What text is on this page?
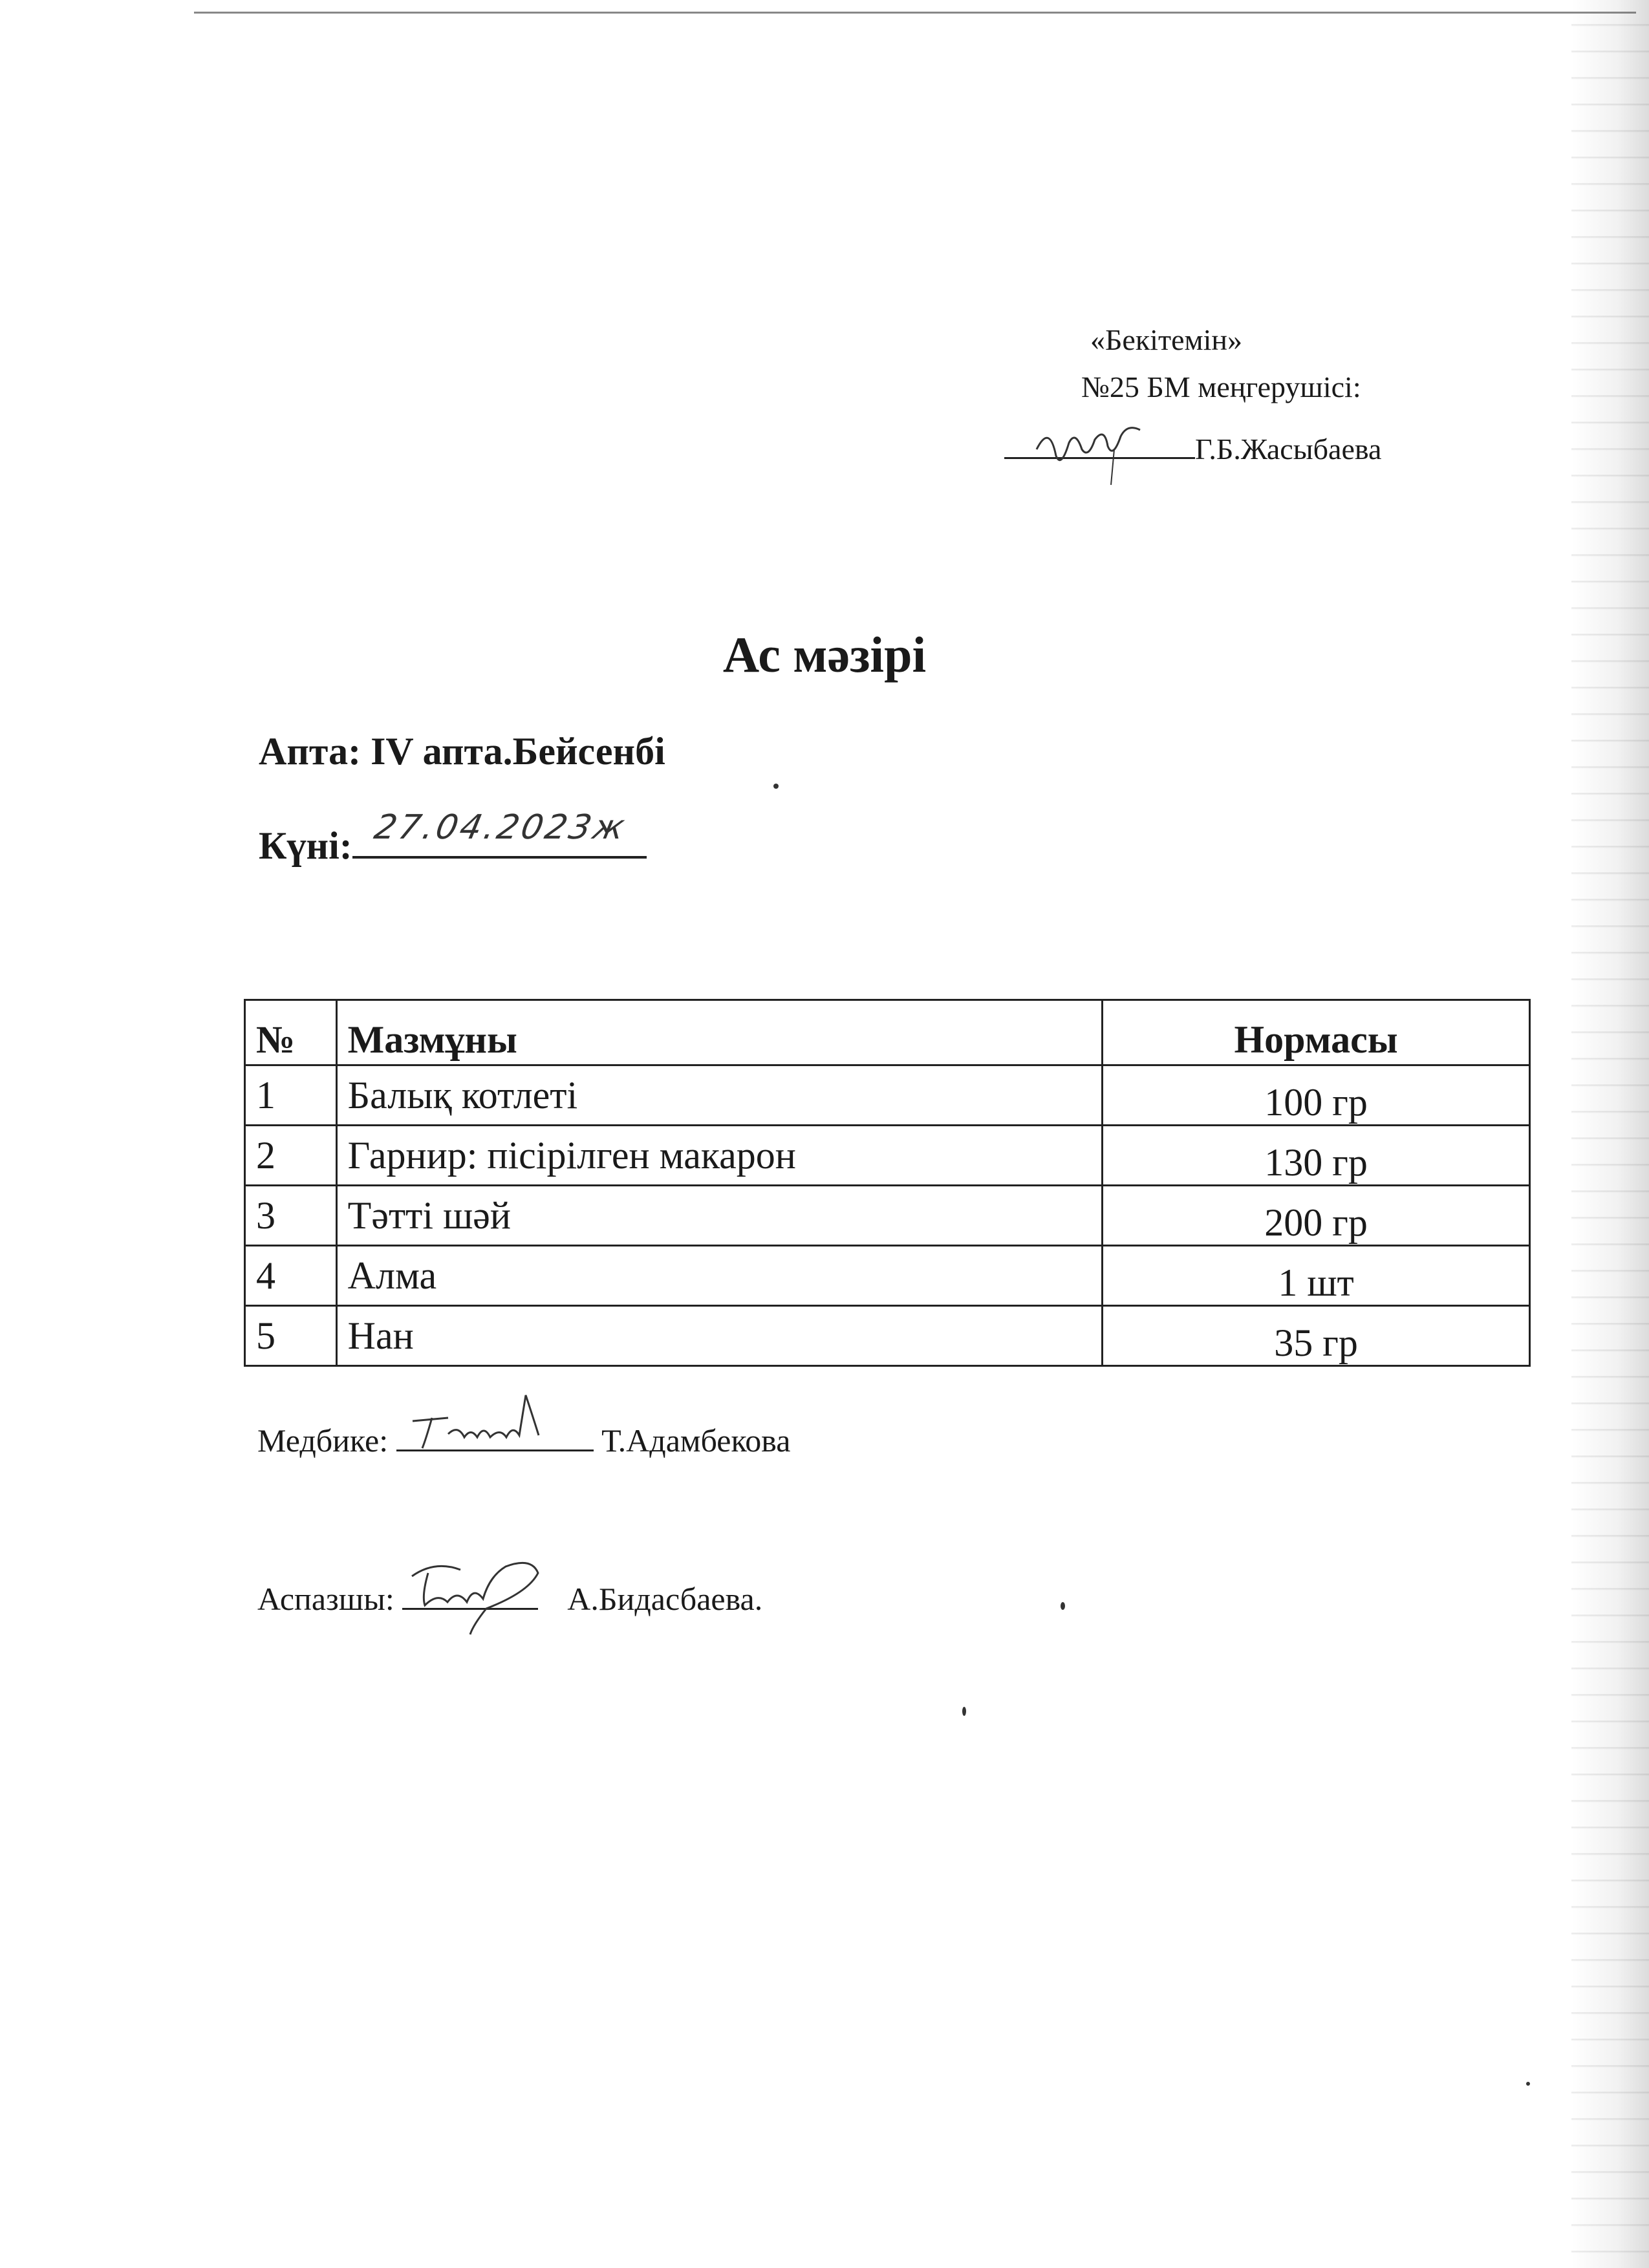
«Бекітемін»
№25 БМ меңгерушісі:
Г.Б.Жасыбаева
Ас мәзірі
Апта: IV апта.Бейсенбі
Күні: 27.04.2023ж
№	Мазмұны	Нормасы
1	Балық котлеті	100 гр
2	Гарнир: пісірілген макарон	130 гр
3	Тәтті шәй	200 гр
4	Алма	1 шт
5	Нан	35 гр
Медбике:	Т.Адамбекова
Аспазшы:	А.Бидасбаева.
